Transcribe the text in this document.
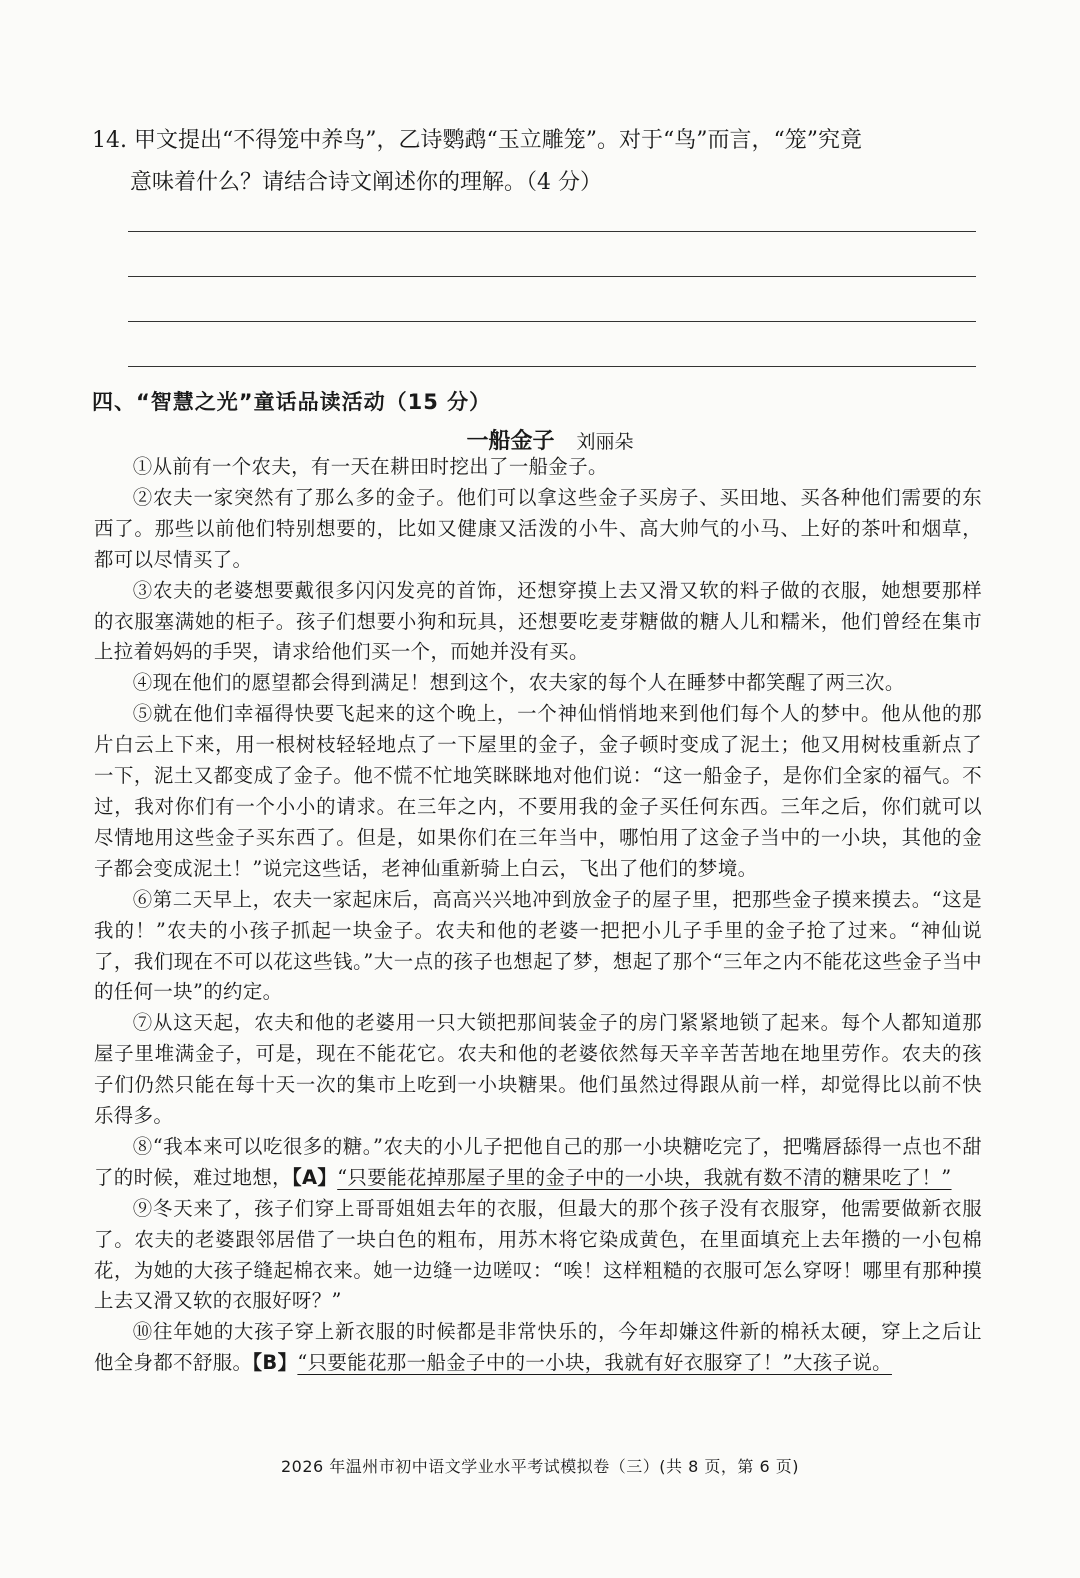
14. 甲文提出“不得笼中养鸟”，乙诗鹦鹉“玉立雕笼”。对于“鸟”而言，“笼”究竟
意味着什么？请结合诗文阐述你的理解。（4 分）
四、“智慧之光”童话品读活动（15 分）
一船金子 刘丽朵

①从前有一个农夫，有一天在耕田时挖出了一船金子。

②农夫一家突然有了那么多的金子。他们可以拿这些金子买房子、买田地、买各种他们需要的东西了。那些以前他们特别想要的，比如又健康又活泼的小牛、高大帅气的小马、上好的茶叶和烟草，都可以尽情买了。

③农夫的老婆想要戴很多闪闪发亮的首饰，还想穿摸上去又滑又软的料子做的衣服，她想要那样的衣服塞满她的柜子。孩子们想要小狗和玩具，还想要吃麦芽糖做的糖人儿和糯米，他们曾经在集市上拉着妈妈的手哭，请求给他们买一个，而她并没有买。

④现在他们的愿望都会得到满足！想到这个，农夫家的每个人在睡梦中都笑醒了两三次。

⑤就在他们幸福得快要飞起来的这个晚上，一个神仙悄悄地来到他们每个人的梦中。他从他的那片白云上下来，用一根树枝轻轻地点了一下屋里的金子，金子顿时变成了泥土；他又用树枝重新点了一下，泥土又都变成了金子。他不慌不忙地笑眯眯地对他们说：“这一船金子，是你们全家的福气。不过，我对你们有一个小小的请求。在三年之内，不要用我的金子买任何东西。三年之后，你们就可以尽情地用这些金子买东西了。但是，如果你们在三年当中，哪怕用了这金子当中的一小块，其他的金子都会变成泥土！”说完这些话，老神仙重新骑上白云，飞出了他们的梦境。

⑥第二天早上，农夫一家起床后，高高兴兴地冲到放金子的屋子里，把那些金子摸来摸去。“这是我的！”农夫的小孩子抓起一块金子。农夫和他的老婆一把把小儿子手里的金子抢了过来。“神仙说了，我们现在不可以花这些钱。”大一点的孩子也想起了梦，想起了那个“三年之内不能花这些金子当中的任何一块”的约定。

⑦从这天起，农夫和他的老婆用一只大锁把那间装金子的房门紧紧地锁了起来。每个人都知道那屋子里堆满金子，可是，现在不能花它。农夫和他的老婆依然每天辛辛苦苦地在地里劳作。农夫的孩子们仍然只能在每十天一次的集市上吃到一小块糖果。他们虽然过得跟从前一样，却觉得比以前不快乐得多。

⑧“我本来可以吃很多的糖。”农夫的小儿子把他自己的那一小块糖吃完了，把嘴唇舔得一点也不甜了的时候，难过地想，【A】“只要能花掉那屋子里的金子中的一小块，我就有数不清的糖果吃了！”

⑨冬天来了，孩子们穿上哥哥姐姐去年的衣服，但最大的那个孩子没有衣服穿，他需要做新衣服了。农夫的老婆跟邻居借了一块白色的粗布，用苏木将它染成黄色，在里面填充上去年攒的一小包棉花，为她的大孩子缝起棉衣来。她一边缝一边嗟叹：“唉！这样粗糙的衣服可怎么穿呀！哪里有那种摸上去又滑又软的衣服好呀？”

⑩往年她的大孩子穿上新衣服的时候都是非常快乐的，今年却嫌这件新的棉袄太硬，穿上之后让他全身都不舒服。【B】“只要能花那一船金子中的一小块，我就有好衣服穿了！”大孩子说。

2026 年温州市初中语文学业水平考试模拟卷（三）(共 8 页，第 6 页)
